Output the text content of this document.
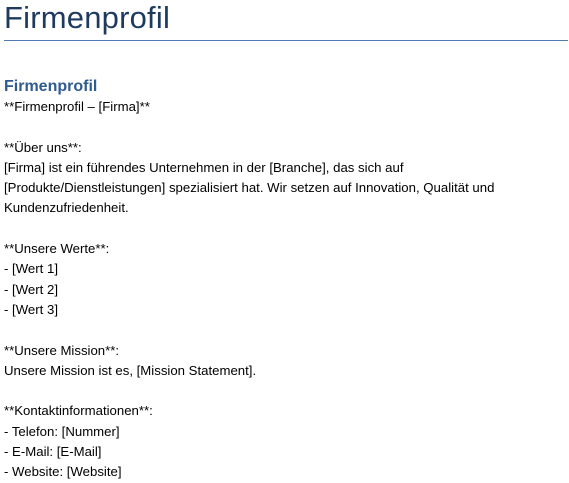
Firmenprofil
Firmenprofil
**Firmenprofil – [Firma]**
**Über uns**:
[Firma] ist ein führendes Unternehmen in der [Branche], das sich auf
[Produkte/Dienstleistungen] spezialisiert hat. Wir setzen auf Innovation, Qualität und
Kundenzufriedenheit.
**Unsere Werte**:
- [Wert 1]
- [Wert 2]
- [Wert 3]
**Unsere Mission**:
Unsere Mission ist es, [Mission Statement].
**Kontaktinformationen**:
- Telefon: [Nummer]
- E-Mail: [E-Mail]
- Website: [Website]
